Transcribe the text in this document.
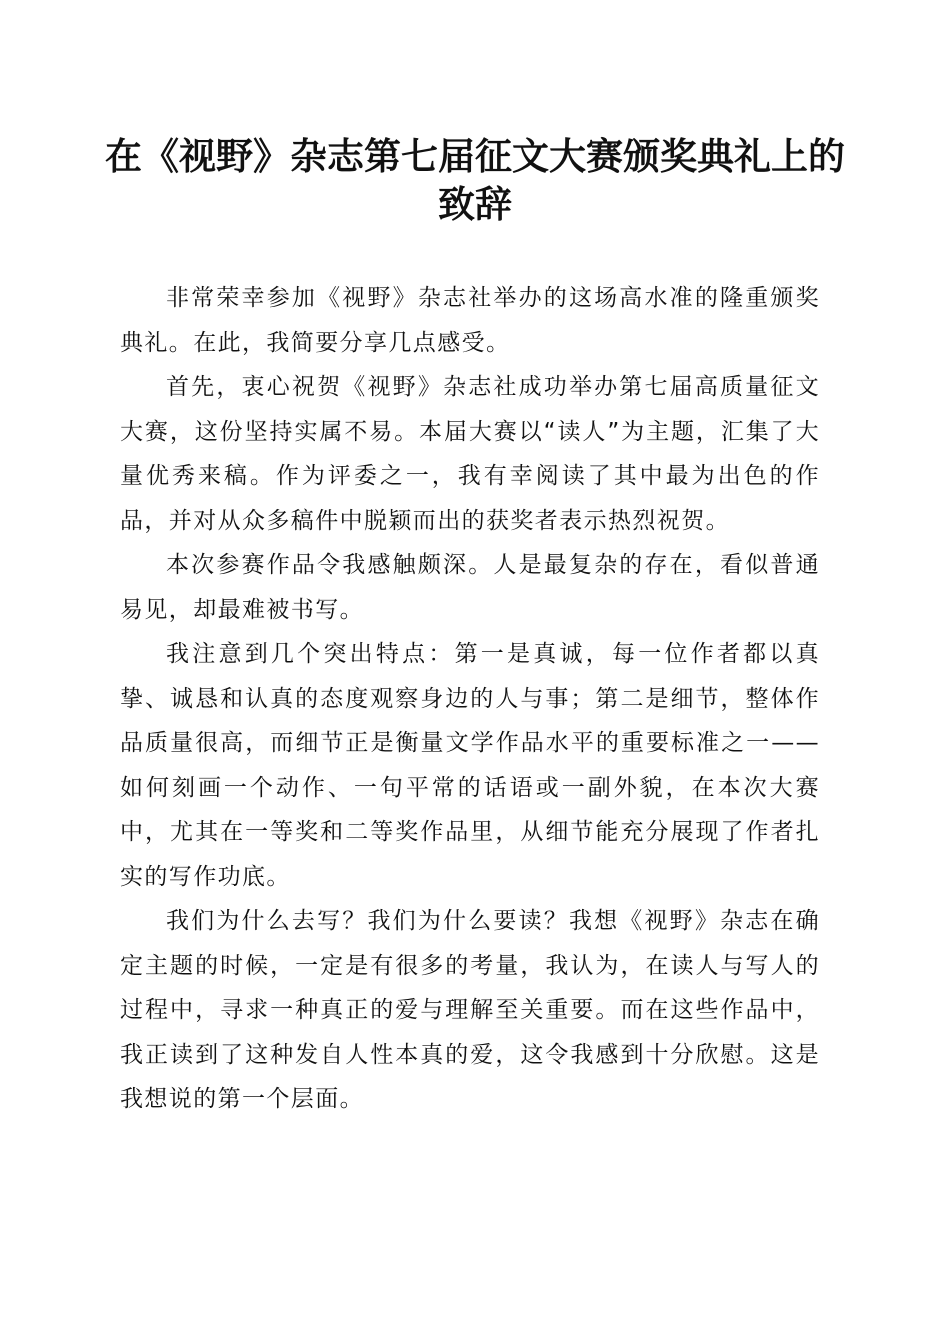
在《视野》杂志第七届征文大赛颁奖典礼上的致辞

非常荣幸参加《视野》杂志社举办的这场高水准的隆重颁奖典礼。在此，我简要分享几点感受。

首先，衷心祝贺《视野》杂志社成功举办第七届高质量征文大赛，这份坚持实属不易。本届大赛以“读人”为主题，汇集了大量优秀来稿。作为评委之一，我有幸阅读了其中最为出色的作品，并对从众多稿件中脱颖而出的获奖者表示热烈祝贺。

本次参赛作品令我感触颇深。人是最复杂的存在，看似普通易见，却最难被书写。

我注意到几个突出特点：第一是真诚，每一位作者都以真挚、诚恳和认真的态度观察身边的人与事；第二是细节，整体作品质量很高，而细节正是衡量文学作品水平的重要标准之一——如何刻画一个动作、一句平常的话语或一副外貌，在本次大赛中，尤其在一等奖和二等奖作品里，从细节能充分展现了作者扎实的写作功底。

我们为什么去写？我们为什么要读？我想《视野》杂志在确定主题的时候，一定是有很多的考量，我认为，在读人与写人的过程中，寻求一种真正的爱与理解至关重要。而在这些作品中，我正读到了这种发自人性本真的爱，这令我感到十分欣慰。这是我想说的第一个层面。
